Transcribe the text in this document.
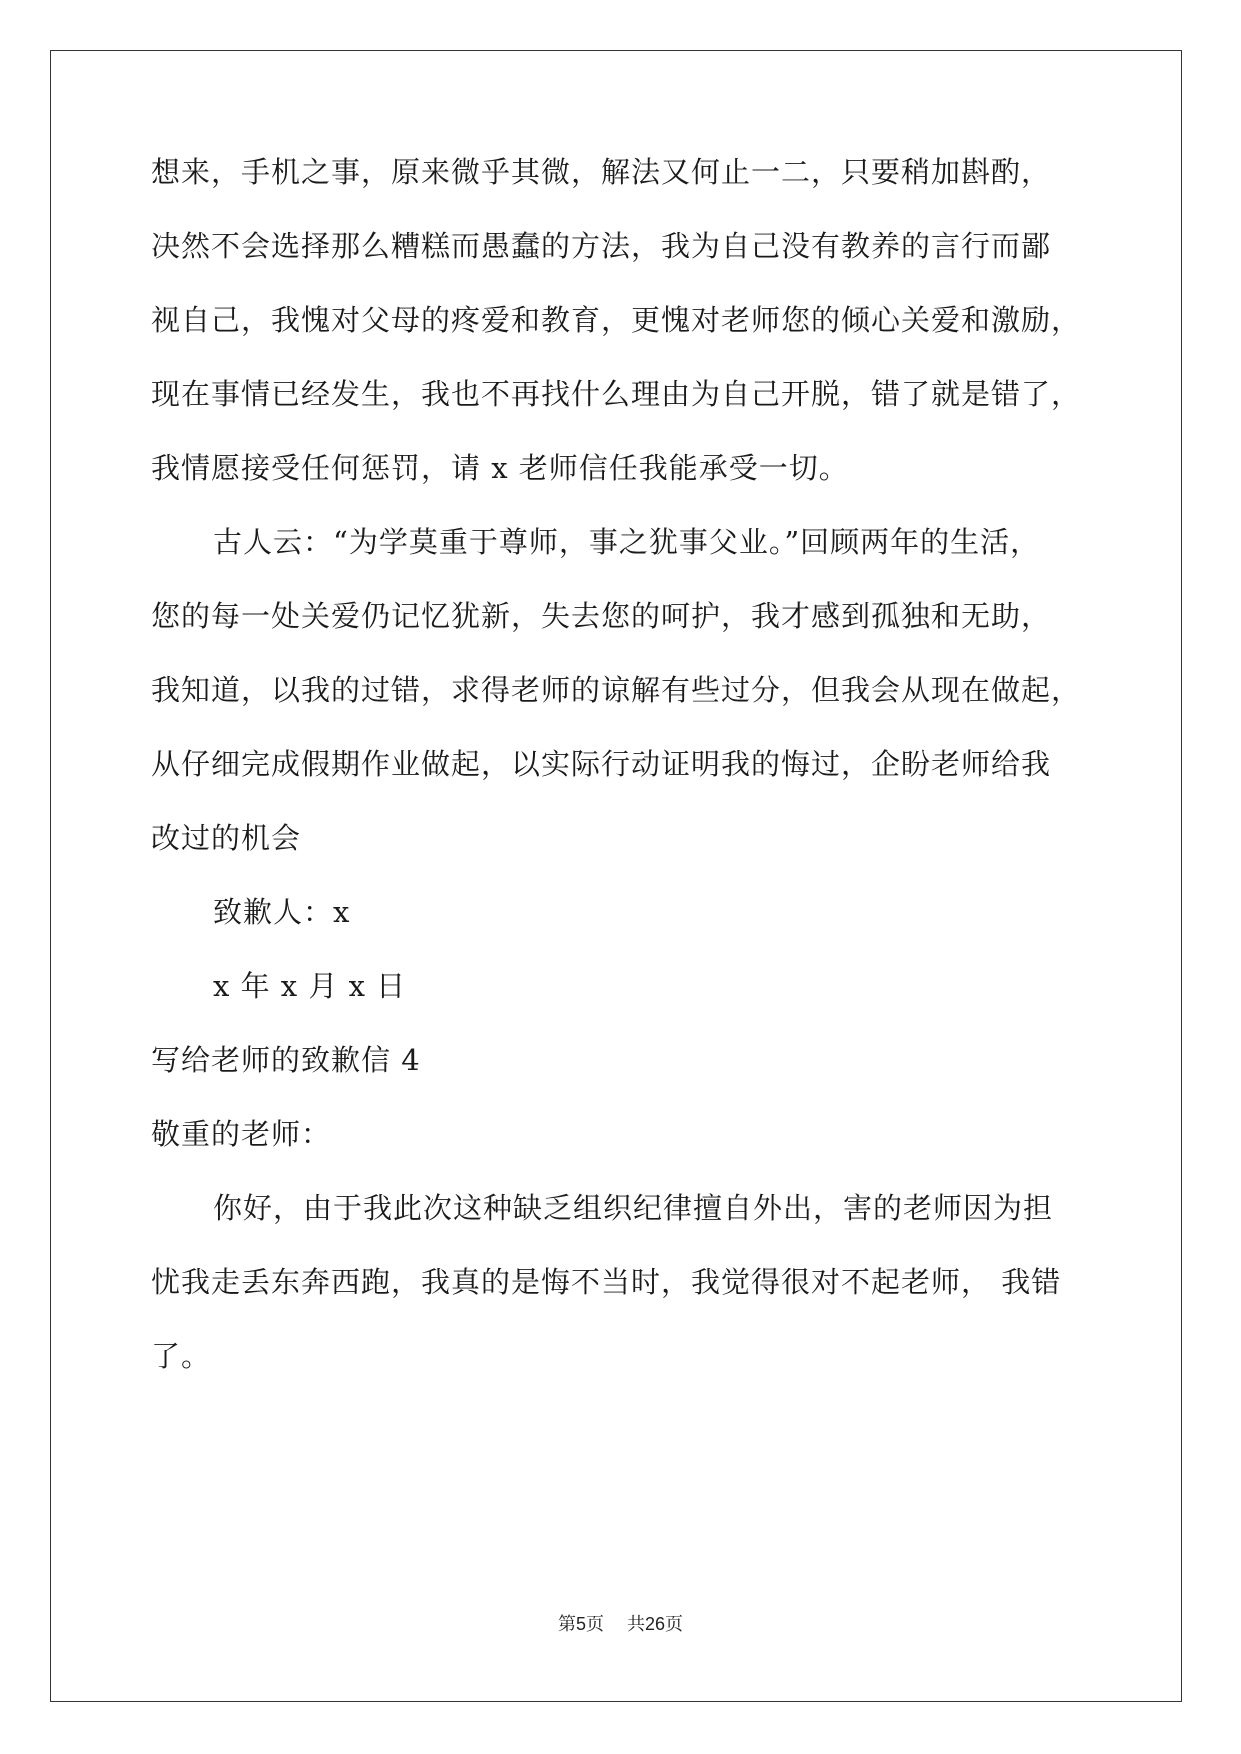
想来，手机之事，原来微乎其微，解法又何止一二，只要稍加斟酌，
决然不会选择那么糟糕而愚蠢的方法，我为自己没有教养的言行而鄙
视自己，我愧对父母的疼爱和教育，更愧对老师您的倾心关爱和激励，
现在事情已经发生，我也不再找什么理由为自己开脱，错了就是错了，
我情愿接受任何惩罚，请 x 老师信任我能承受一切。
古人云：“为学莫重于尊师，事之犹事父业。”回顾两年的生活，
您的每一处关爱仍记忆犹新，失去您的呵护，我才感到孤独和无助，
我知道，以我的过错，求得老师的谅解有些过分，但我会从现在做起，
从仔细完成假期作业做起，以实际行动证明我的悔过，企盼老师给我
改过的机会
致歉人：x
x 年 x 月 x 日
写给老师的致歉信 4
敬重的老师：
你好，由于我此次这种缺乏组织纪律擅自外出，害的老师因为担
忧我走丢东奔西跑，我真的是悔不当时，我觉得很对不起老师， 我错
了。
第5页 共26页
